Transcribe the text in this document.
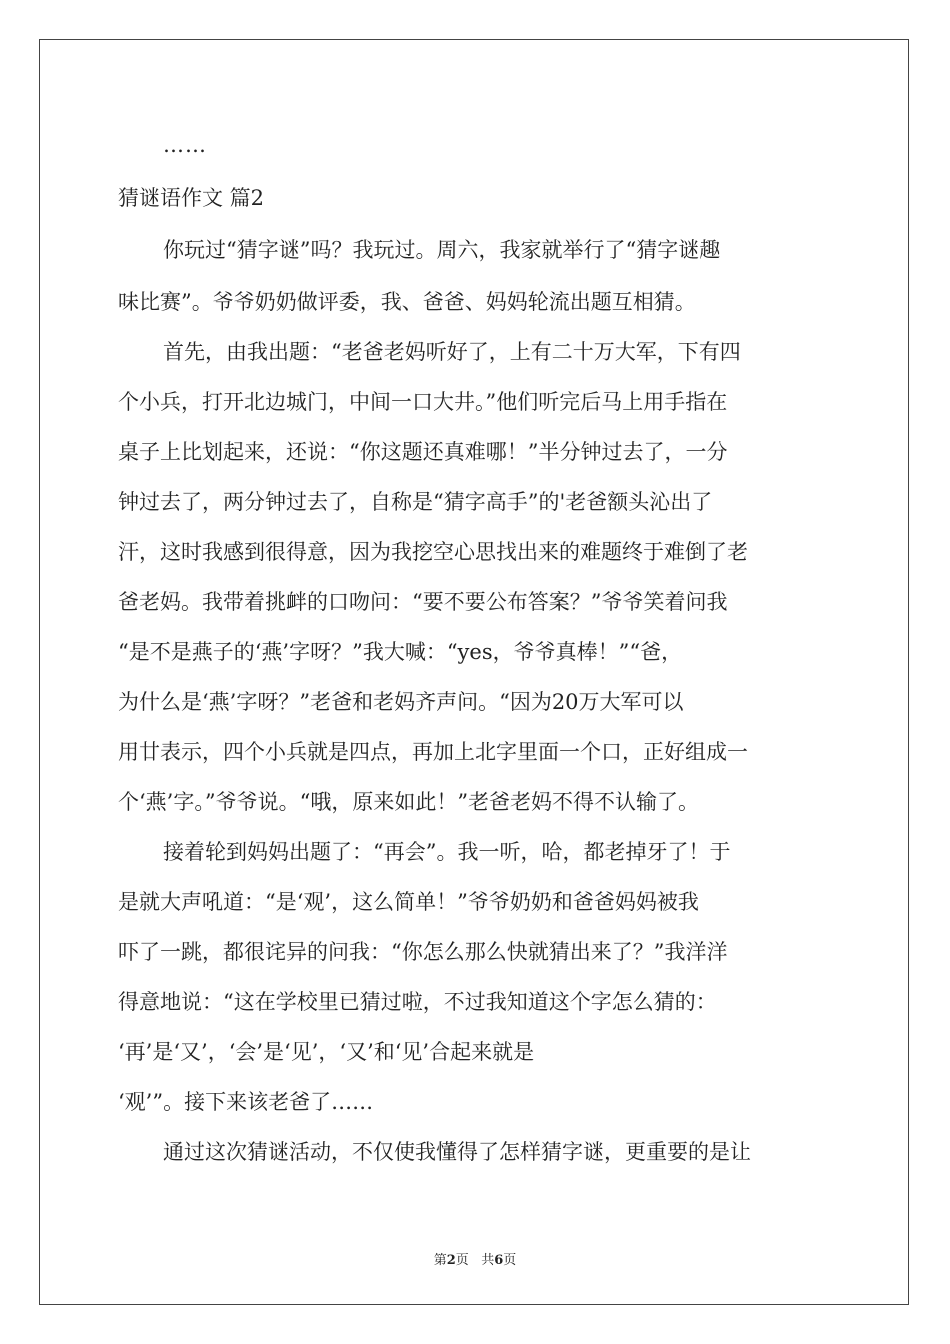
……
猜谜语作文 篇2
你玩过“猜字谜”吗？我玩过。周六，我家就举行了“猜字谜趣
味比赛”。爷爷奶奶做评委，我、爸爸、妈妈轮流出题互相猜。
首先，由我出题：“老爸老妈听好了，上有二十万大军，下有四
个小兵，打开北边城门，中间一口大井。”他们听完后马上用手指在
桌子上比划起来，还说：“你这题还真难哪！”半分钟过去了，一分
钟过去了，两分钟过去了，自称是“猜字高手”的'老爸额头沁出了
汗，这时我感到很得意，因为我挖空心思找出来的难题终于难倒了老
爸老妈。我带着挑衅的口吻问：“要不要公布答案？”爷爷笑着问我
“是不是燕子的‘燕’字呀？”我大喊：“yes，爷爷真棒！”“爸，
为什么是‘燕’字呀？”老爸和老妈齐声问。“因为20万大军可以
用廿表示，四个小兵就是四点，再加上北字里面一个口，正好组成一
个‘燕’字。”爷爷说。“哦，原来如此！”老爸老妈不得不认输了。
接着轮到妈妈出题了：“再会”。我一听，哈，都老掉牙了！于
是就大声吼道：“是‘观’，这么简单！”爷爷奶奶和爸爸妈妈被我
吓了一跳，都很诧异的问我：“你怎么那么快就猜出来了？”我洋洋
得意地说：“这在学校里已猜过啦，不过我知道这个字怎么猜的：
‘再’是‘又’，‘会’是‘见’，‘又’和‘见’合起来就是
‘观’”。接下来该老爸了……
通过这次猜谜活动，不仅使我懂得了怎样猜字谜，更重要的是让
第2页 共6页
